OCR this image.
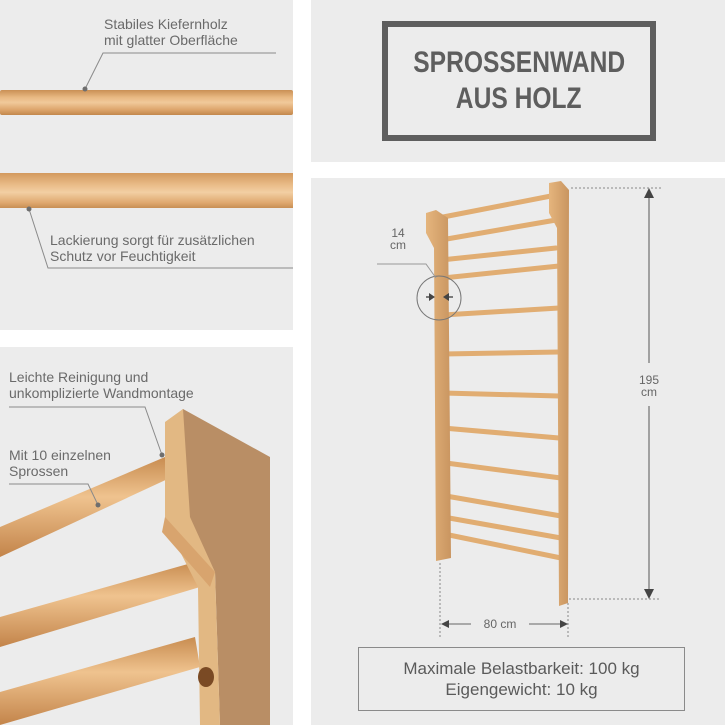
Stabiles Kiefernholz
mit glatter Oberfläche
Lackierung sorgt für zusätzlichen
Schutz vor Feuchtigkeit
SPROSSENWAND
AUS HOLZ
Leichte Reinigung und
unkomplizierte Wandmontage
Mit 10 einzelnen
Sprossen
14
cm
195
cm
80 cm
Maximale Belastbarkeit: 100 kg
Eigengewicht: 10 kg
